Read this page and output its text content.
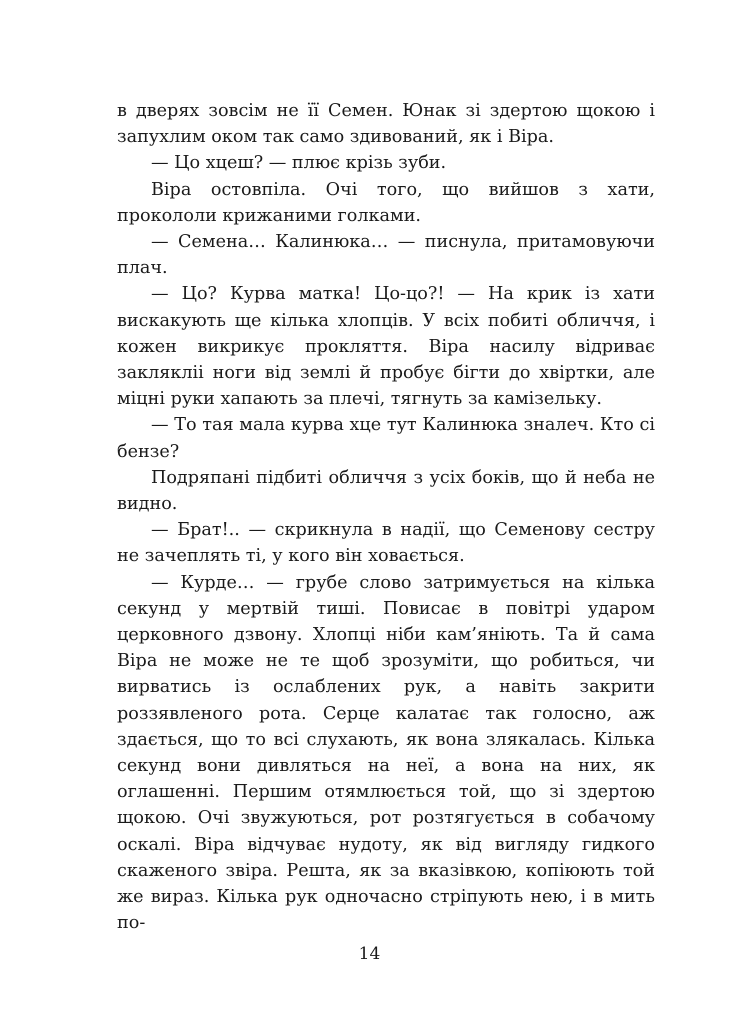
в дверях зовсім не її Семен. Юнак зі здертою щокою і запухлим оком так само здивований, як і Віра.

— Цо хцеш? — плює крізь зуби.

Віра остовпіла. Очі того, що вийшов з хати, прокололи крижаними голками.

— Семена… Калинюка… — писнула, притамовуючи плач.

— Цо? Курва матка! Цо-цо?! — На крик із хати вискакують ще кілька хлопців. У всіх побиті обличчя, і кожен викрикує прокляття. Віра насилу відриває заклякліі ноги від землі й пробує бігти до хвіртки, але міцні руки хапають за плечі, тягнуть за камізельку.

— То тая мала курва хце тут Калинюка зналеч. Кто сі бензе?

Подряпані підбиті обличчя з усіх боків, що й неба не видно.

— Брат!.. — скрикнула в надії, що Семенову сестру не зачеплять ті, у кого він ховається.

— Курде… — грубе слово затримується на кілька секунд у мертвій тиші. Повисає в повітрі ударом церковного дзвону. Хлопці ніби кам’яніють. Та й сама Віра не може не те щоб зрозуміти, що робиться, чи вирватись із ослаблених рук, а навіть закрити роззявленого рота. Серце калатає так голосно, аж здається, що то всі слухають, як вона злякалась. Кілька секунд вони дивляться на неї, а вона на них, як оглашенні. Першим отямлюється той, що зі здертою щокою. Очі звужуються, рот розтягується в собачому оскалі. Віра відчуває нудоту, як від вигляду гидкого скаженого звіра. Решта, як за вказівкою, копіюють той же вираз. Кілька рук одночасно стріпують нею, і в мить по-

14
